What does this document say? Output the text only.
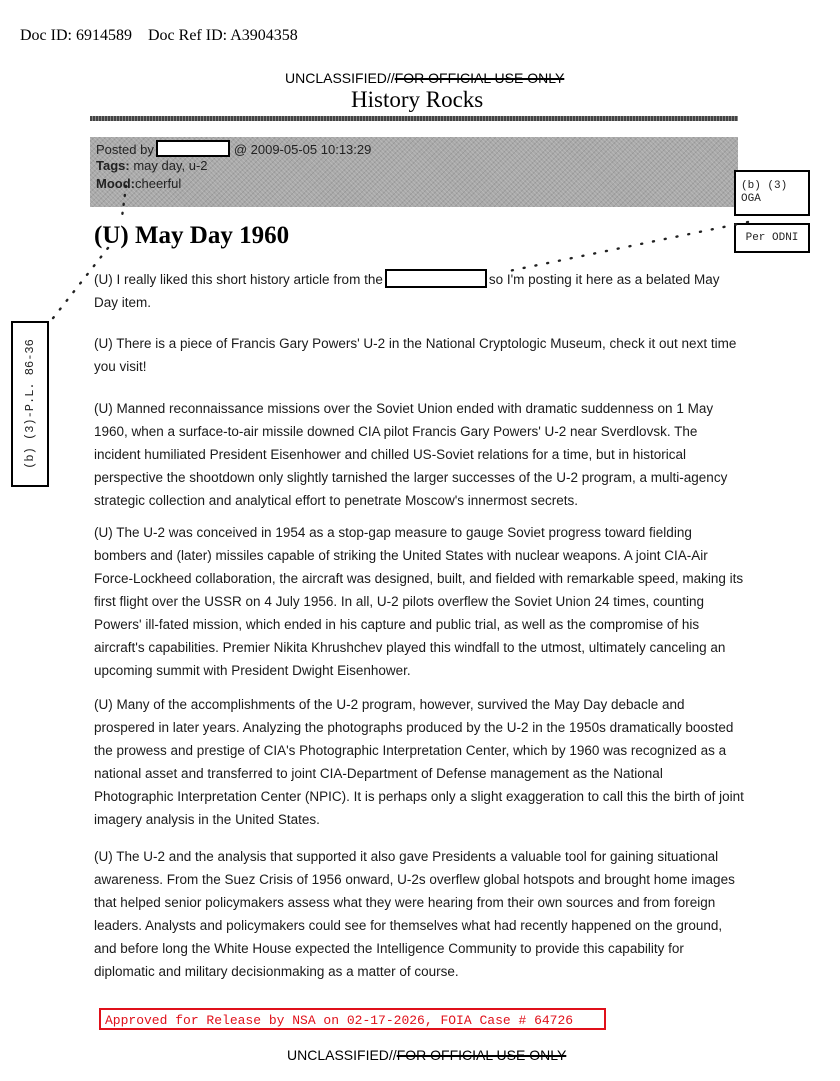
Doc ID: 6914589 Doc Ref ID: A3904358
UNCLASSIFIED//FOR OFFICIAL USE ONLY
History Rocks
Posted by	@ 2009-05-05 10:13:29
Tags: may day, u-2
Mood:cheerful	(b) (3)
OGA
Per ODNI
(b) (3)-P.L. 86-36
(U) May Day 1960
(U) I really liked this short history article from the	so I'm posting it here as a belated May Day item.
(U) There is a piece of Francis Gary Powers' U-2 in the National Cryptologic Museum, check it out next time you visit!
(U) Manned reconnaissance missions over the Soviet Union ended with dramatic suddenness on 1 May 1960, when a surface-to-air missile downed CIA pilot Francis Gary Powers' U-2 near Sverdlovsk. The incident humiliated President Eisenhower and chilled US-Soviet relations for a time, but in historical perspective the shootdown only slightly tarnished the larger successes of the U-2 program, a multi-agency strategic collection and analytical effort to penetrate Moscow's innermost secrets.
(U) The U-2 was conceived in 1954 as a stop-gap measure to gauge Soviet progress toward fielding bombers and (later) missiles capable of striking the United States with nuclear weapons. A joint CIA-Air Force-Lockheed collaboration, the aircraft was designed, built, and fielded with remarkable speed, making its first flight over the USSR on 4 July 1956. In all, U-2 pilots overflew the Soviet Union 24 times, counting Powers' ill-fated mission, which ended in his capture and public trial, as well as the compromise of his aircraft's capabilities. Premier Nikita Khrushchev played this windfall to the utmost, ultimately canceling an upcoming summit with President Dwight Eisenhower.
(U) Many of the accomplishments of the U-2 program, however, survived the May Day debacle and prospered in later years. Analyzing the photographs produced by the U-2 in the 1950s dramatically boosted the prowess and prestige of CIA's Photographic Interpretation Center, which by 1960 was recognized as a national asset and transferred to joint CIA-Department of Defense management as the National Photographic Interpretation Center (NPIC). It is perhaps only a slight exaggeration to call this the birth of joint imagery analysis in the United States.
(U) The U-2 and the analysis that supported it also gave Presidents a valuable tool for gaining situational awareness. From the Suez Crisis of 1956 onward, U-2s overflew global hotspots and brought home images that helped senior policymakers assess what they were hearing from their own sources and from foreign leaders. Analysts and policymakers could see for themselves what had recently happened on the ground, and before long the White House expected the Intelligence Community to provide this capability for diplomatic and military decisionmaking as a matter of course.
Approved for Release by NSA on 02-17-2026, FOIA Case # 64726
UNCLASSIFIED//FOR OFFICIAL USE ONLY
